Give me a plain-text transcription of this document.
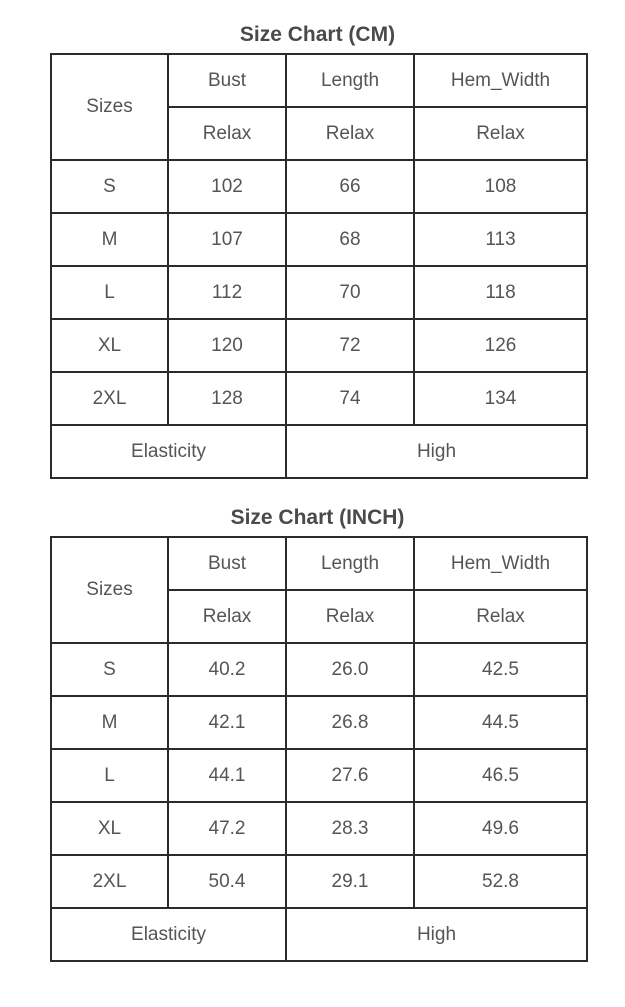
Size Chart (CM)
Sizes	Bust	Length	Hem_Width
	Relax	Relax	Relax
S	102	66	108
M	107	68	113
L	112	70	118
XL	120	72	126
2XL	128	74	134
Elasticity		High	
Size Chart (INCH)
Sizes	Bust	Length	Hem_Width
	Relax	Relax	Relax
S	40.2	26.0	42.5
M	42.1	26.8	44.5
L	44.1	27.6	46.5
XL	47.2	28.3	49.6
2XL	50.4	29.1	52.8
Elasticity		High	
